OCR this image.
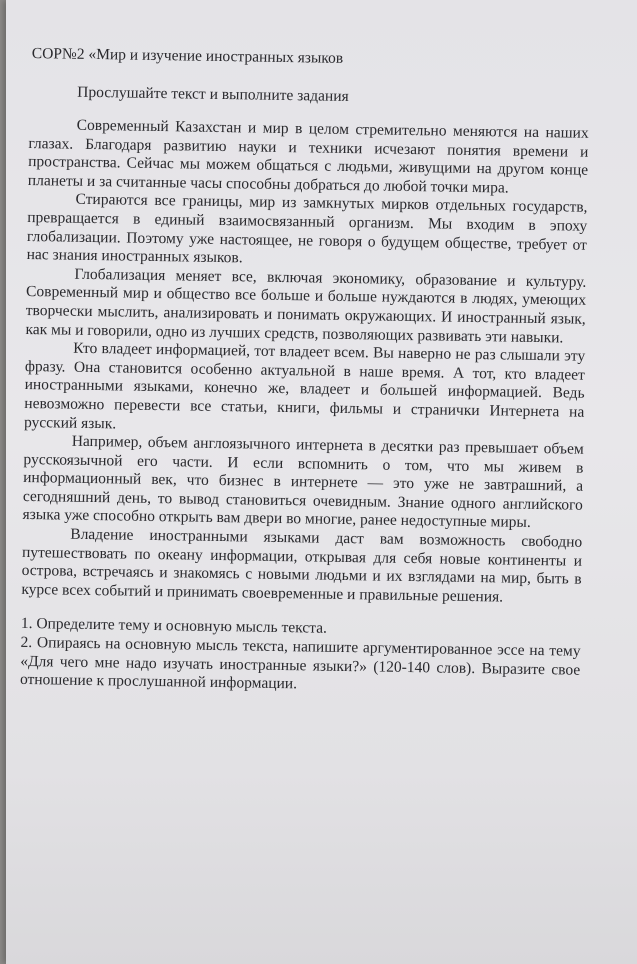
СОР№2 «Мир и изучение иностранных языков
Прослушайте текст и выполните задания

Современный Казахстан и мир в целом стремительно меняются на наших глазах. Благодаря развитию науки и техники исчезают понятия времени и пространства. Сейчас мы можем общаться с людьми, живущими на другом конце планеты и за считанные часы способны добраться до любой точки мира.

Стираются все границы, мир из замкнутых мирков отдельных государств, превращается в единый взаимосвязанный организм. Мы входим в эпоху глобализации. Поэтому уже настоящее, не говоря о будущем обществе, требует от нас знания иностранных языков.

Глобализация меняет все, включая экономику, образование и культуру. Современный мир и общество все больше и больше нуждаются в людях, умеющих творчески мыслить, анализировать и понимать окружающих. И иностранный язык, как мы и говорили, одно из лучших средств, позволяющих развивать эти навыки.

Кто владеет информацией, тот владеет всем. Вы наверно не раз слышали эту фразу. Она становится особенно актуальной в наше время. А тот, кто владеет иностранными языками, конечно же, владеет и большей информацией. Ведь невозможно перевести все статьи, книги, фильмы и странички Интернета на русский язык.

Например, объем англоязычного интернета в десятки раз превышает объем русскоязычной его части. И если вспомнить о том, что мы живем в информационный век, что бизнес в интернете — это уже не завтрашний, а сегодняшний день, то вывод становиться очевидным. Знание одного английского языка уже способно открыть вам двери во многие, ранее недоступные миры.

Владение иностранными языками даст вам возможность свободно путешествовать по океану информации, открывая для себя новые континенты и острова, встречаясь и знакомясь с новыми людьми и их взглядами на мир, быть в курсе всех событий и принимать своевременные и правильные решения.

1. Определите тему и основную мысль текста.

2. Опираясь на основную мысль текста, напишите аргументированное эссе на тему «Для чего мне надо изучать иностранные языки?» (120-140 слов). Выразите свое отношение к прослушанной информации.
